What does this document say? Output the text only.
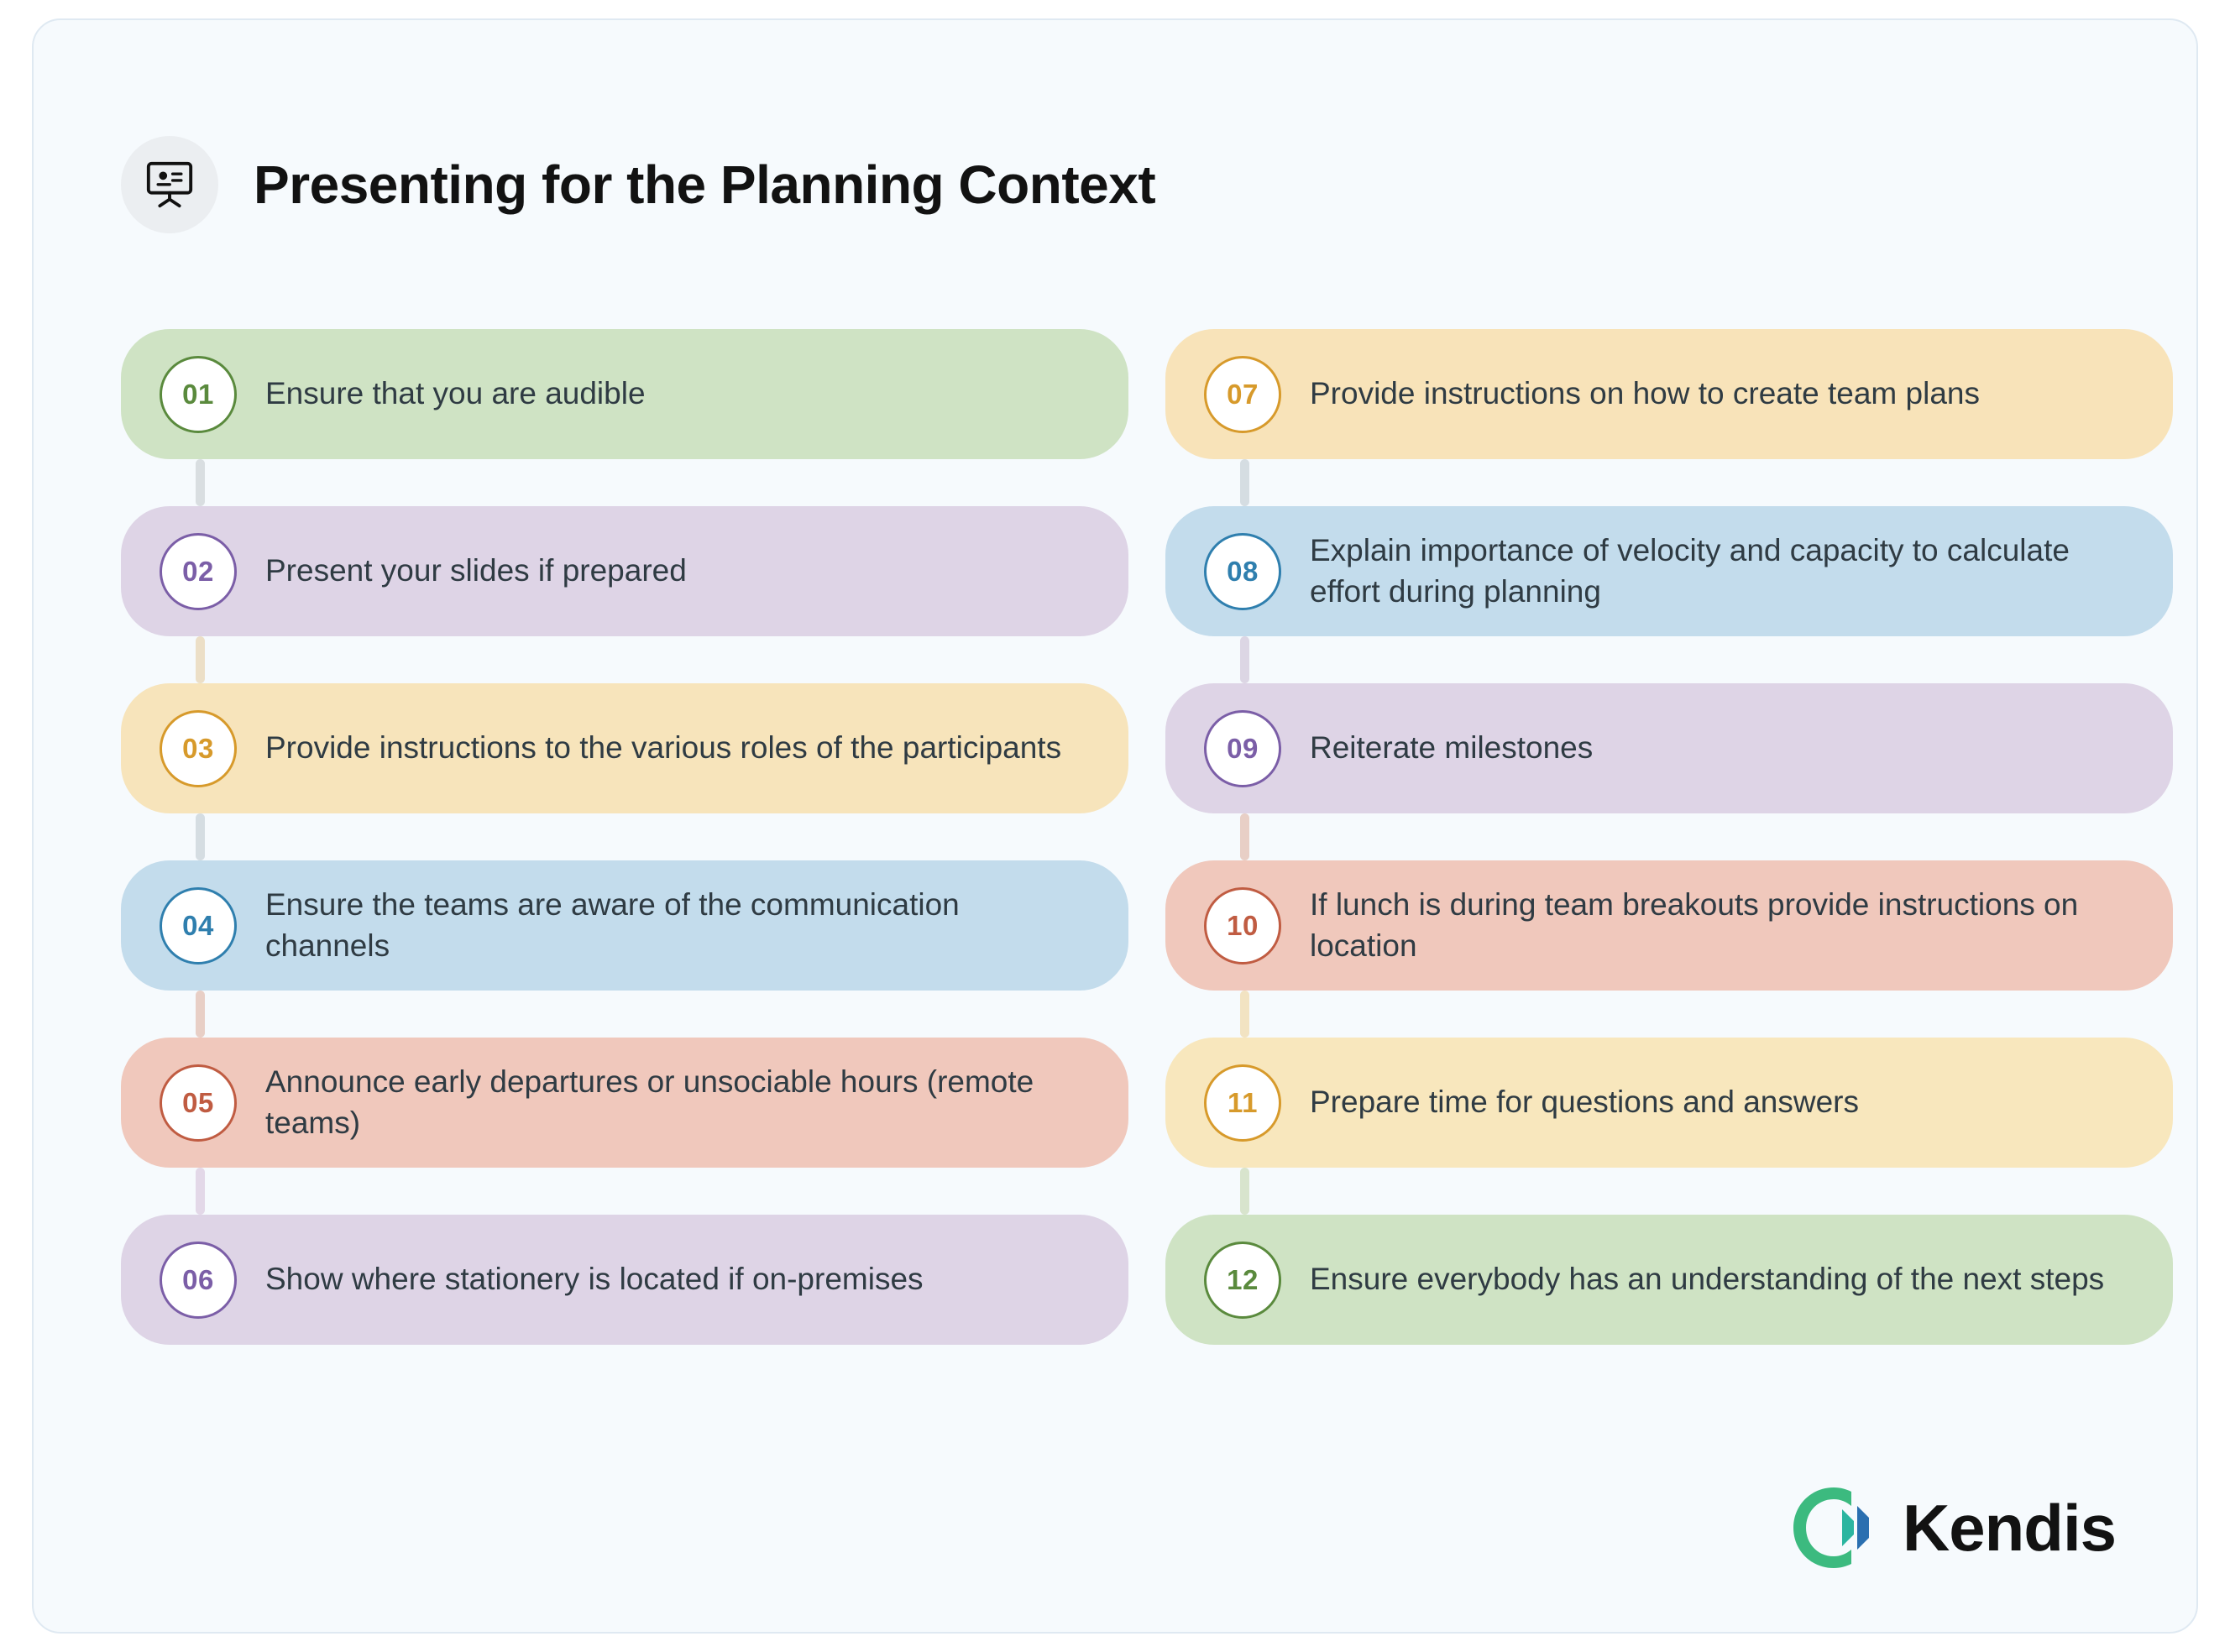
Presenting for the Planning Context
01 Ensure that you are audible
02 Present your slides if prepared
03 Provide instructions to the various roles of the participants
04
Ensure the teams are aware of the communication channels
05
Announce early departures or unsociable hours (remote teams)
06 Show where stationery is located if on-premises
07 Provide instructions on how to create team plans
08
Explain importance of velocity and capacity to calculate effort during planning
09 Reiterate milestones
10
If lunch is during team breakouts provide instructions on location
11 Prepare time for questions and answers
12 Ensure everybody has an understanding of the next steps
Kendis
